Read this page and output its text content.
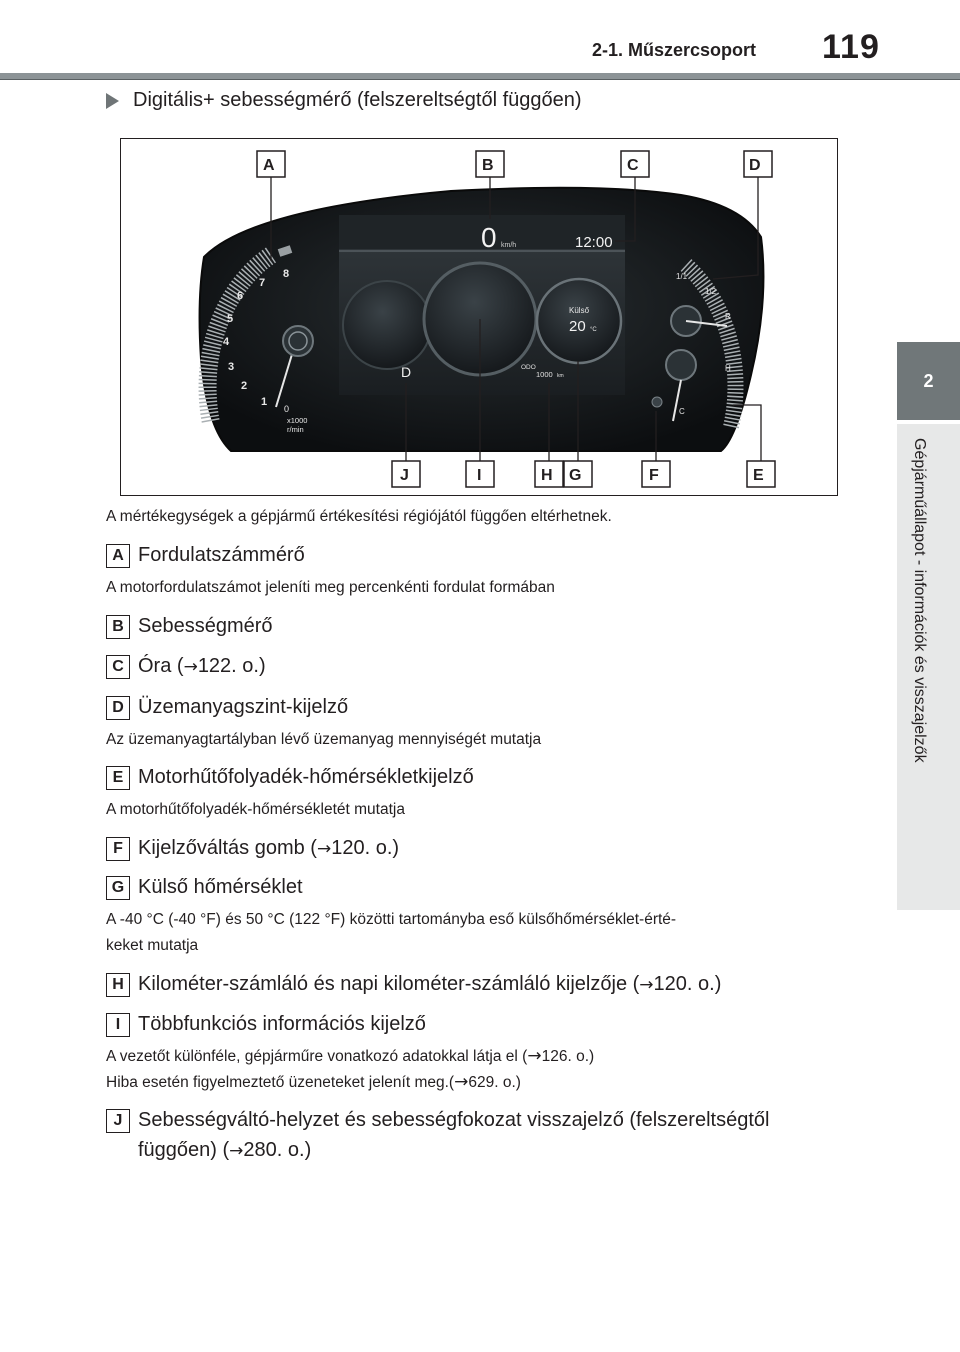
2-1. Műszercsoport 119
2
Gépjárműállapot - információk és visszajelzők
Digitális+ sebességmérő (felszereltségtől függően)
1
2
3
4
5
6
7
8
0
x1000
r/min
0 km/h	12:00
Külső
20 °C
D	ODO
1000 km
1/1
1/2
R
H
C
A	B	C	D
J	I	H G	F	E
A mértékegységek a gépjármű értékesítési régiójától függően eltérhetnek.
A Fordulatszámmérő
A motorfordulatszámot jeleníti meg percenkénti fordulat formában
B Sebességmérő
C Óra (→122. o.)
D Üzemanyagszint-kijelző
Az üzemanyagtartályban lévő üzemanyag mennyiségét mutatja
E Motorhűtőfolyadék-hőmérsékletkijelző
A motorhűtőfolyadék-hőmérsékletét mutatja
F Kijelzőváltás gomb (→120. o.)
G Külső hőmérséklet
A -40 °C (-40 °F) és 50 °C (122 °F) közötti tartományba eső külsőhőmérséklet-érté-
keket mutatja
H Kilométer-számláló és napi kilométer-számláló kijelzője (→120. o.)
I Többfunkciós információs kijelző
A vezetőt különféle, gépjárműre vonatkozó adatokkal látja el (→126. o.)
Hiba esetén figyelmeztető üzeneteket jelenít meg.(→629. o.)
J Sebességváltó-helyzet és sebességfokozat visszajelző (felszereltségtől
függően) (→280. o.)
